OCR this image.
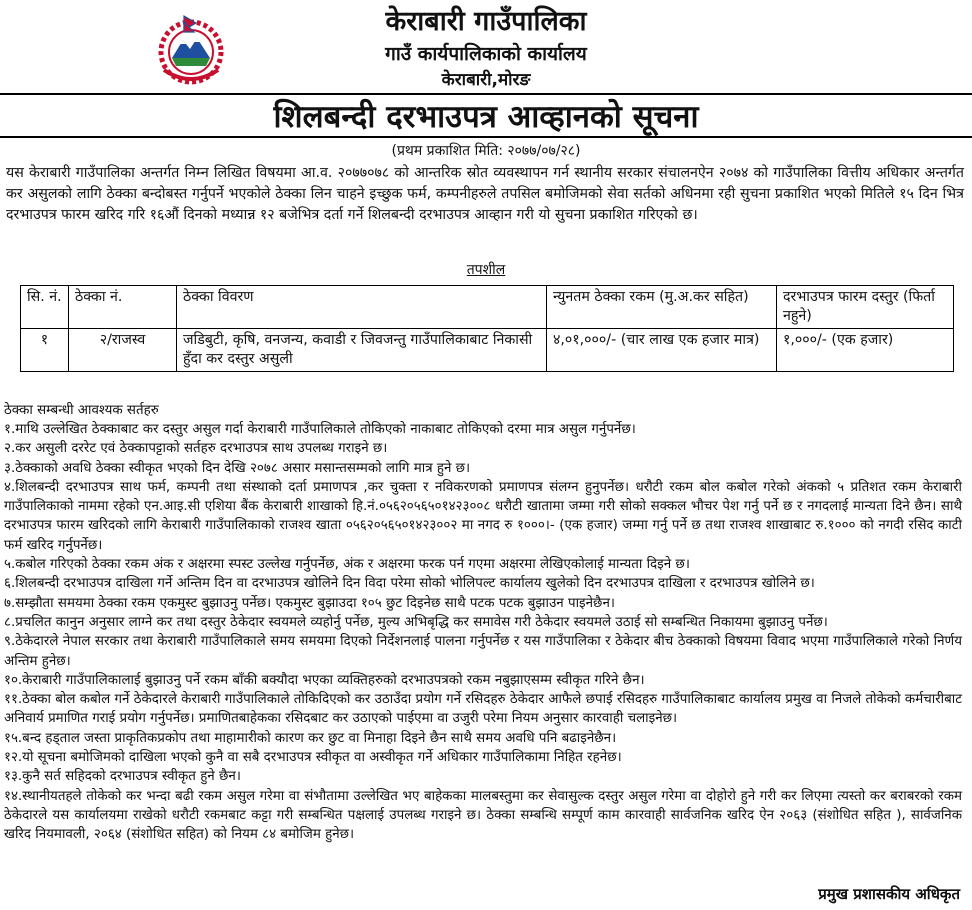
केराबारी गाउँपालिका
गाउँ कार्यपालिकाको कार्यालय
केराबारी,मोरङ
शिलबन्दी दरभाउपत्र आव्हानको सूचना
(प्रथम प्रकाशित मिति: २०७७/०७/२८)
यस केराबारी गाउँपालिका अन्तर्गत निम्न लिखित विषयमा आ.व. २०७७०७८ को आन्तरिक स्रोत व्यवस्थापन गर्न स्थानीय सरकार संचालनऐन २०७४ को गाउँपालिका वित्तीय अधिकार अन्तर्गत कर असुलको लागि ठेक्का बन्दोबस्त गर्नुपर्ने भएकोले ठेक्का लिन चाहने इच्छुक फर्म, कम्पनीहरुले तपसिल बमोजिमको सेवा सर्तको अधिनमा रही सुचना प्रकाशित भएको मितिले १५ दिन भित्र दरभाउपत्र फारम खरिद गरि १६औं दिनको मध्यान्न १२ बजेभित्र दर्ता गर्ने शिलबन्दी दरभाउपत्र आव्हान गरी यो सुचना प्रकाशित गरिएको छ।
तपशील
सि. नं.	ठेक्का नं.	ठेक्का विवरण	न्युनतम ठेक्का रकम (मु.अ.कर सहित)	दरभाउपत्र फारम दस्तुर (फिर्ता नहुने)
१	२/राजस्व	जडिबुटी, कृषि, वनजन्य, कवाडी र जिवजन्तु गाउँपालिकाबाट निकासी हुँदा कर दस्तुर असुली	४,०१,०००/- (चार लाख एक हजार मात्र)	१,०००/- (एक हजार)
ठेक्का सम्बन्धी आवश्यक सर्तहरु
१.माथि उल्लेखित ठेक्काबाट कर दस्तुर असुल गर्दा केराबारी गाउँपालिकाले तोकिएको नाकाबाट तोकिएको दरमा मात्र असुल गर्नुपर्नेछ।
२.कर असुली दररेट एवं ठेक्कापट्टाको सर्तहरु दरभाउपत्र साथ उपलब्ध गराइने छ।
३.ठेक्काको अवधि ठेक्का स्वीकृत भएको दिन देखि २०७८ असार मसान्तसम्मको लागि मात्र हुने छ।
४.शिलबन्दी दरभाउपत्र साथ फर्म, कम्पनी तथा संस्थाको दर्ता प्रमाणपत्र ,कर चुक्ता र नविकरणको प्रमाणपत्र संलग्न हुनुपर्नेछ। धरौटी रकम बोल कबोल गरेको अंकको ५ प्रतिशत रकम केराबारी गाउँपालिकाको नाममा रहेको एन.आइ.सी एशिया बैंक केराबारी शाखाको हि.नं.०५६२०५६५०१४२३००८ धरौटी खातामा जम्मा गरी सोको सक्कल भौचर पेश गर्नु पर्ने छ र नगदलाई मान्यता दिने छैन। साथै दरभाउपत्र फारम खरिदको लागि केराबारी गाउँपालिकाको राजश्व खाता ०५६२०५६५०१४२३००२ मा नगद रु १०००।- (एक हजार) जम्मा गर्नु पर्ने छ तथा राजश्व शाखाबाट रु.१००० को नगदी रसिद काटी फर्म खरिद गर्नुपर्नेछ।
५.कबोल गरिएको ठेक्का रकम अंक र अक्षरमा स्पस्ट उल्लेख गर्नुपर्नेछ, अंक र अक्षरमा फरक पर्न गएमा अक्षरमा लेखिएकोलाई मान्यता दिइने छ।
६.शिलबन्दी दरभाउपत्र दाखिला गर्ने अन्तिम दिन वा दरभाउपत्र खोलिने दिन विदा परेमा सोको भोलिपल्ट कार्यालय खुलेको दिन दरभाउपत्र दाखिला र दरभाउपत्र खोलिने छ।
७.सम्झौता समयमा ठेक्का रकम एकमुस्ट बुझाउनु पर्नेछ। एकमुस्ट बुझाउदा १०५ छुट दिइनेछ साथै पटक पटक बुझाउन पाइनेछैन।
८.प्रचलित कानुन अनुसार लाग्ने कर तथा दस्तुर ठेकेदार स्वयमले व्यहोर्नु पर्नेछ, मुल्य अभिबृद्धि कर समावेस गरी ठेकेदार स्वयमले उठाई सो सम्बन्धित निकायमा बुझाउनु पर्नेछ।
९.ठेकेदारले नेपाल सरकार तथा केराबारी गाउँपालिकाले समय समयमा दिएको निर्देशनलाई पालना गर्नुपर्नेछ र यस गाउँपालिका र ठेकेदार बीच ठेक्काको विषयमा विवाद भएमा गाउँपालिकाले गरेको निर्णय अन्तिम हुनेछ।
१०.केराबारी गाउँपालिकालाई बुझाउनु पर्ने रकम बाँकी बक्यौदा भएका व्यक्तिहरुको दरभाउपत्रको रकम नबुझाएसम्म स्वीकृत गरिने छैन।
११.ठेक्का बोल कबोल गर्ने ठेकेदारले केराबारी गाउँपालिकाले तोकिदिएको कर उठाउँदा प्रयोग गर्ने रसिदहरु ठेकेदार आफैले छपाई रसिदहरु गाउँपालिकाबाट कार्यालय प्रमुख वा निजले तोकेको कर्मचारीबाट अनिवार्य प्रमाणित गराई प्रयोग गर्नुपर्नेछ। प्रमाणितबाहेकका रसिदबाट कर उठाएको पाईएमा वा उजुरी परेमा नियम अनुसार कारवाही चलाइनेछ।
१५.बन्द हड्ताल जस्ता प्राकृतिकप्रकोप तथा माहामारीको कारण कर छुट वा मिनाहा दिइने छैन साथै समय अवधि पनि बढाइनेछैन।
१२.यो सूचना बमोजिमको दाखिला भएको कुनै वा सबै दरभाउपत्र स्वीकृत वा अस्वीकृत गर्ने अधिकार गाउँपालिकामा निहित रहनेछ।
१३.कुनै सर्त सहिदको दरभाउपत्र स्वीकृत हुने छैन।
१४.स्थानीयतहले तोकेको कर भन्दा बढी रकम असुल गरेमा वा संभौतामा उल्लेखित भए बाहेकका मालबस्तुमा कर सेवासुल्क दस्तुर असुल गरेमा वा दोहोरो हुने गरी कर लिएमा त्यस्तो कर बराबरको रकम ठेकेदारले यस कार्यालयमा राखेको धरौटी रकमबाट कट्टा गरी सम्बन्धित पक्षलाई उपलब्ध गराइने छ। ठेक्का सम्बन्धि सम्पूर्ण काम कारवाही सार्वजनिक खरिद ऐन २०६३ (संशोधित सहित ), सार्वजनिक खरिद नियमावली, २०६४ (संशोधित सहित) को नियम ८४ बमोजिम हुनेछ।
प्रमुख प्रशासकीय अधिकृत
